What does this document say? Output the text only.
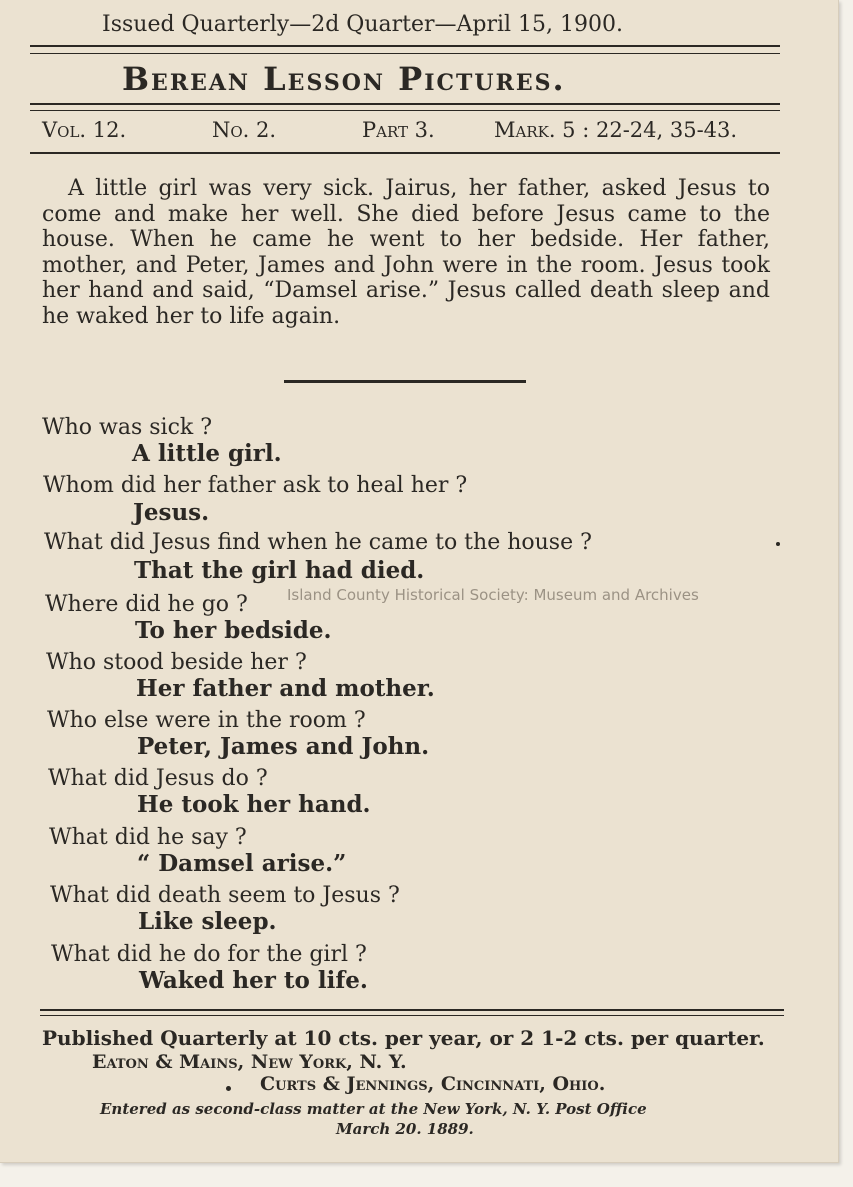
Issued Quarterly—2d Quarter—April 15, 1900.
Berean Lesson Pictures.
Vol. 12.	No. 2.	Part 3.	Mark. 5 : 22-24, 35-43.
A little girl was very sick. Jairus, her father, asked Jesus to come and make her well. She died before Jesus came to the house. When he came he went to her bedside. Her father, mother, and Peter, James and John were in the room. Jesus took her hand and said, “Damsel arise.” Jesus called death sleep and he waked her to life again.
Who was sick ?
A little girl.
Whom did her father ask to heal her ?
Jesus.
What did Jesus find when he came to the house ?
That the girl had died.
Where did he go ?
To her bedside.
Who stood beside her ?
Her father and mother.
Who else were in the room ?
Peter, James and John.
What did Jesus do ?
He took her hand.
What did he say ?
“ Damsel arise.”
What did death seem to Jesus ?
Like sleep.
What did he do for the girl ?
Waked her to life.
Published Quarterly at 10 cts. per year, or 2 1-2 cts. per quarter.
Eaton & Mains, New York, N. Y.
Curts & Jennings, Cincinnati, Ohio.
Entered as second-class matter at the New York, N. Y. Post Office
March 20. 1889.
Island County Historical Society: Museum and Archives
